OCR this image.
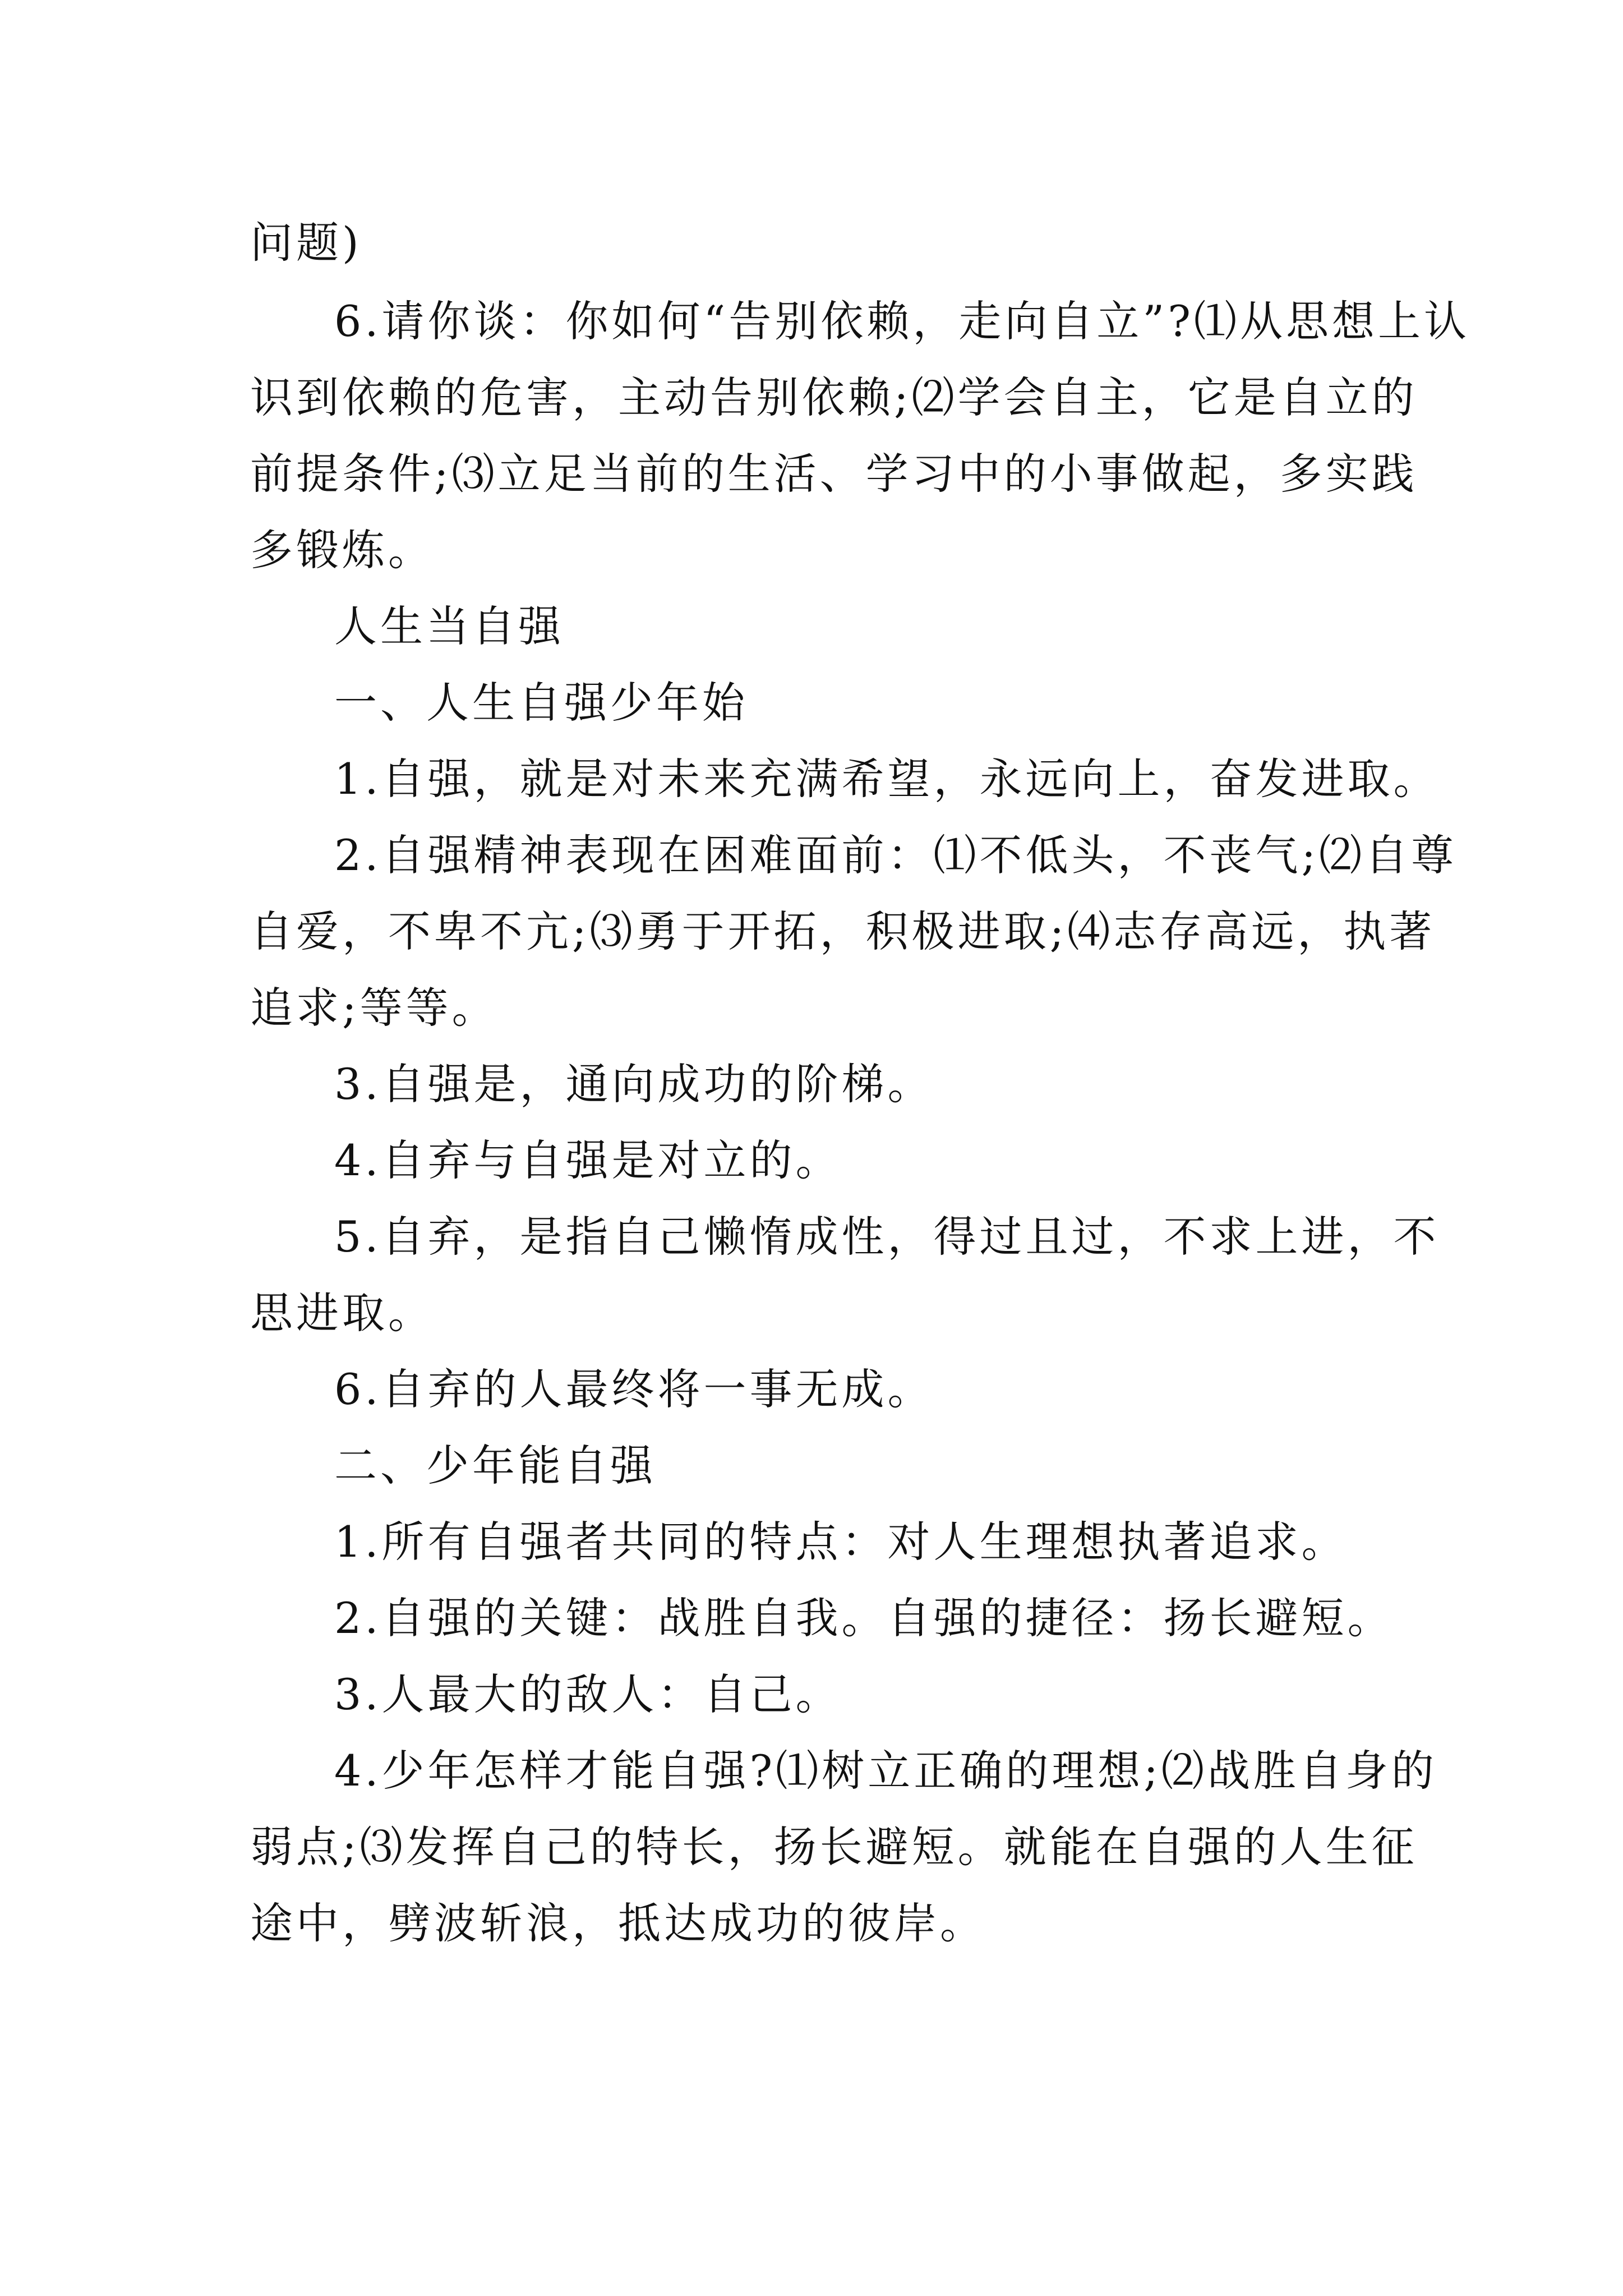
问题)
6.请你谈：你如何“告别依赖，走向自立”?⑴从思想上认
识到依赖的危害，主动告别依赖;⑵学会自主，它是自立的
前提条件;⑶立足当前的生活、学习中的小事做起，多实践
多锻炼。
人生当自强
一、人生自强少年始
1.自强，就是对未来充满希望，永远向上，奋发进取。
2.自强精神表现在困难面前：⑴不低头，不丧气;⑵自尊
自爱，不卑不亢;⑶勇于开拓，积极进取;⑷志存高远，执著
追求;等等。
3.自强是，通向成功的阶梯。
4.自弃与自强是对立的。
5.自弃，是指自己懒惰成性，得过且过，不求上进，不
思进取。
6.自弃的人最终将一事无成。
二、少年能自强
1.所有自强者共同的特点：对人生理想执著追求。
2.自强的关键：战胜自我。自强的捷径：扬长避短。
3.人最大的敌人：自己。
4.少年怎样才能自强?⑴树立正确的理想;⑵战胜自身的
弱点;⑶发挥自己的特长，扬长避短。就能在自强的人生征
途中，劈波斩浪，抵达成功的彼岸。
